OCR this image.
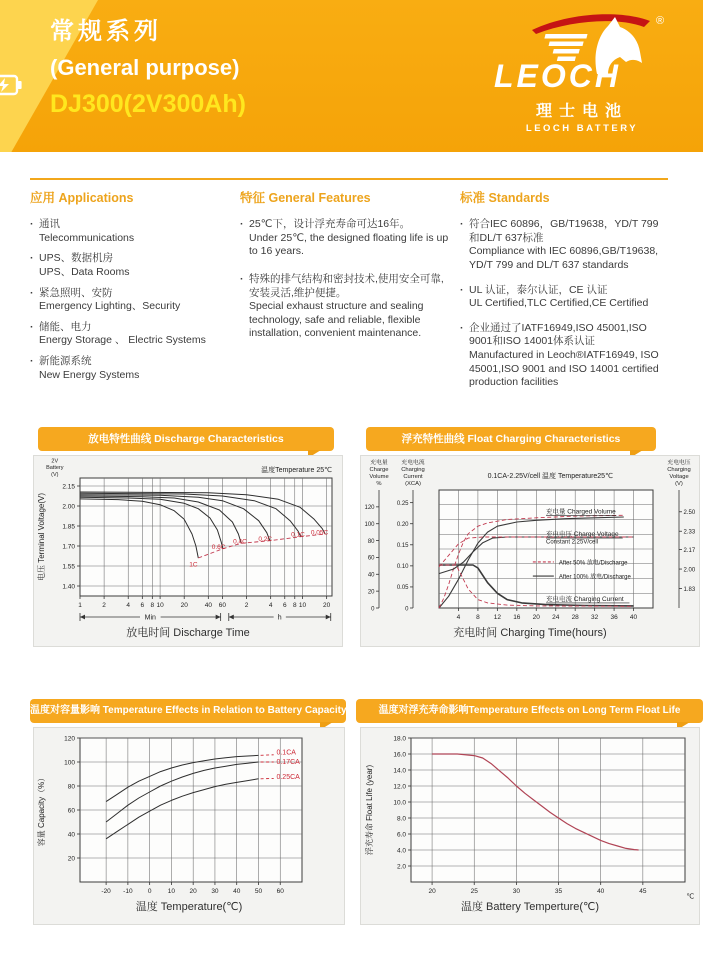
常规系列
(General purpose)
DJ300(2V300Ah)
®
LEOCH
理士电池
LEOCH BATTERY
应用 Applications
· 通讯
Telecommunications
· UPS、数据机房
UPS、Data Rooms
· 紧急照明、安防
Emergency Lighting、Security
· 储能、电力
Energy Storage 、 Electric Systems
· 新能源系统
New Energy Systems
特征 General Features
· 25℃下，设计浮充寿命可达16年。
Under 25℃, the designed floating life is up to 16 years.
· 特殊的排气结构和密封技术,使用安全可靠,安装灵活,维护便捷。
Special exhaust structure and sealing technology, safe and reliable, flexible installation, convenient maintenance.
标准 Standards
· 符合IEC 60896，GB/T19638，YD/T 799和DL/T 637标准
Compliance with IEC 60896,GB/T19638, YD/T 799 and DL/T 637 standards
· UL 认证，泰尔认证，CE 认证
UL Certified,TLC Certified,CE Certified
· 企业通过了IATF16949,ISO 45001,ISO 9001和ISO 14001体系认证
Manufactured in Leoch®IATF16949, ISO 45001,ISO 9001 and ISO 14001 certified production facilities
放电特性曲线 Discharge Characteristics	浮充特性曲线 Float Charging Characteristics
温度对容量影响 Temperature Effects in Relation to Battery Capacity	温度对浮充寿命影响Temperature Effects on Long Term Float Life
1	2	4 6 8 10	20	40 60	2	4 6 8 10	20
2.15
2.00
1.85
1.70
1.55
1.40
2V
Battery
(V)
温度Temperature 25℃
1C
0.6C
0.4C 0.2C
0.1C 0.05C
电压 Terminal Voltage(V)
Min	h
放电时间 Discharge Time
4 8 12 16 20 24 28 32 36 40
0
20
40
60
80
100
120
充电量
Charge
Volume
%
0
0.05
0.10
0.15
0.20
0.25
充电电流
Charging
Current
(XCA)
1.83
2.00
2.17
2.33
2.50
充电电压
Charging
Voltage
(V)
0.1CA-2.25V/cell 温度 Temperature25℃
充电量 Charged Volume
充电电压 Charge Voltage
Constant 2.25V/cell
After 50% 放电/Discharge
After 100% 放电/Discharge
充电电流 Charging Current
充电时间 Charging Time(hours)
-20 -10 0	10 20 30 40 50 60
20
40
60
80
100
120
0.1CA
0.17CA
0.25CA
容量 Capacity（%）
温度 Temperature(℃)
20	25	30	35	40	45
2.0
4.0
6.0
8.0
10.0
12.0
14.0
16.0
18.0
℃
浮充寿命 Float Life (year)
温度 Battery Temperture(℃)
